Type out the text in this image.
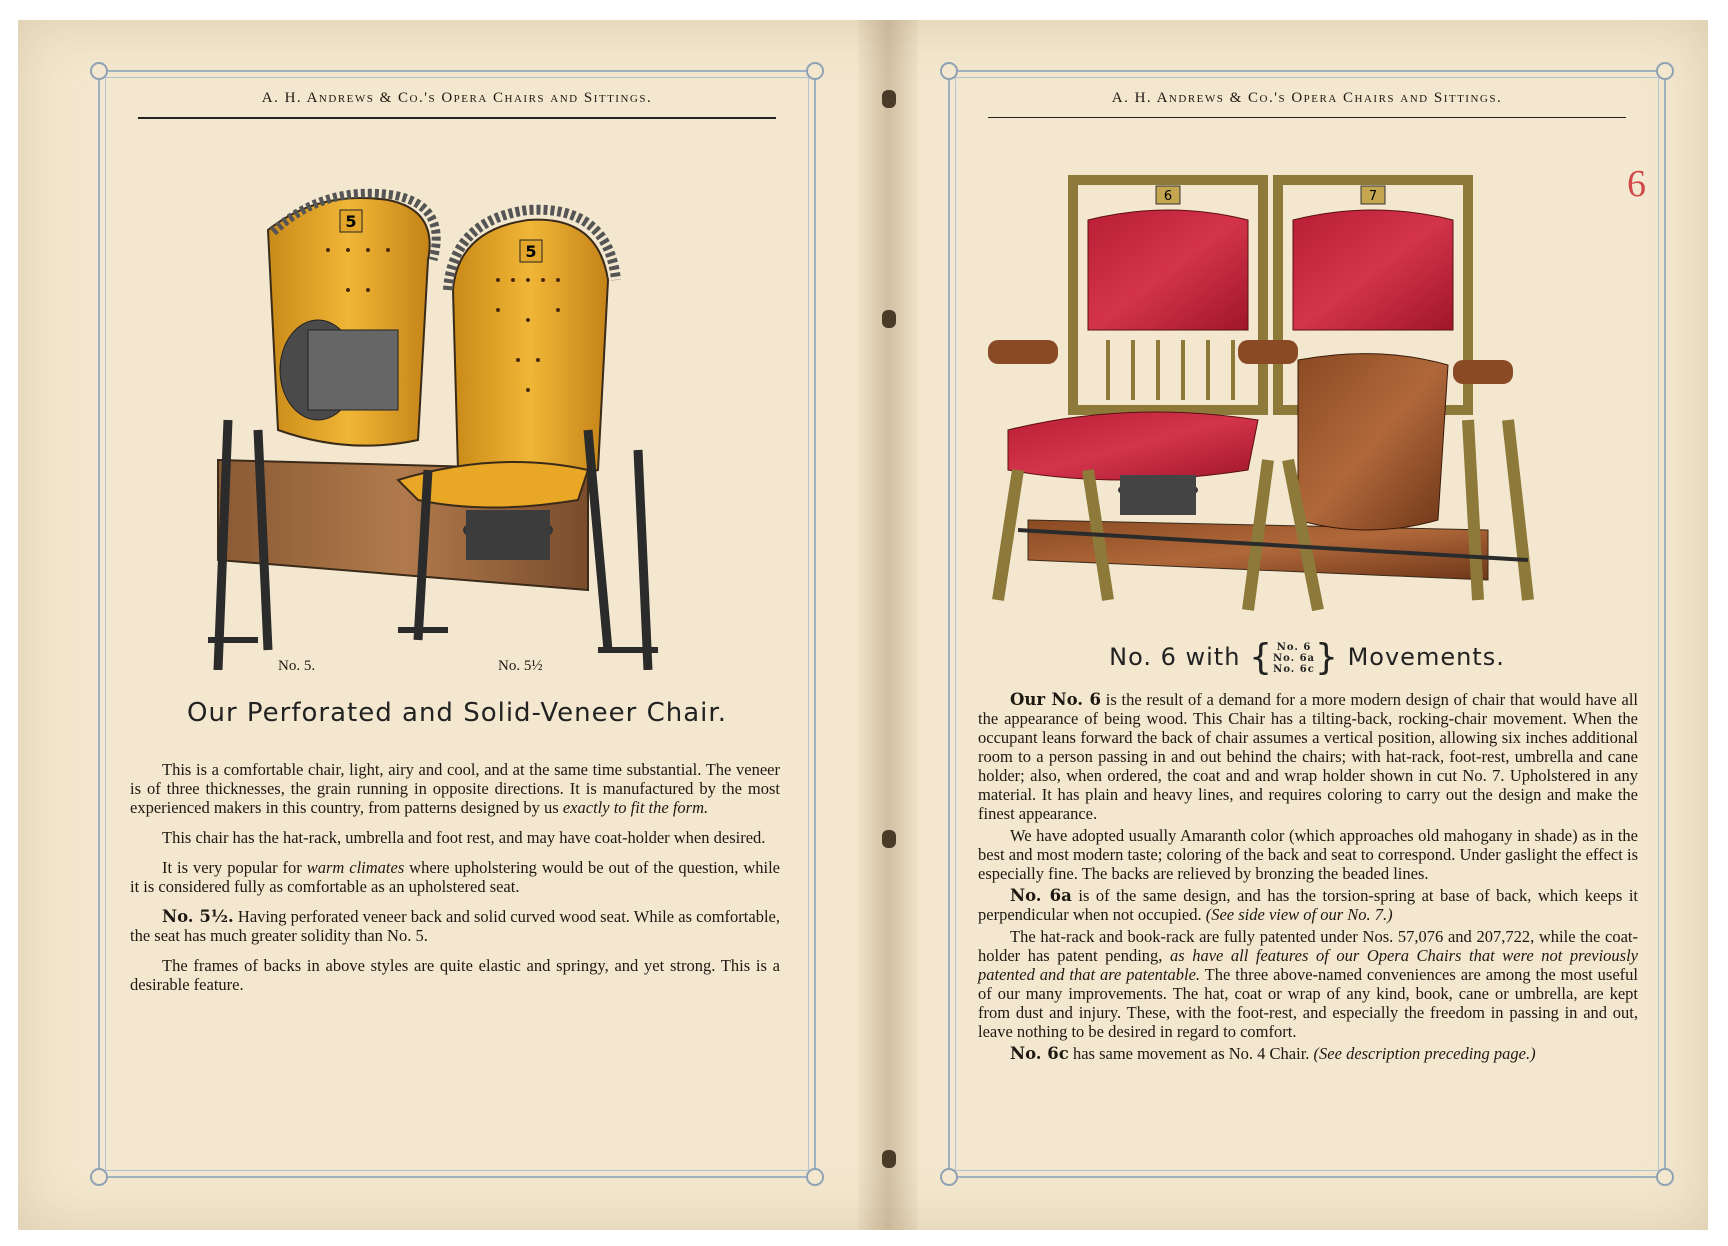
A. H. Andrews & Co.'s Opera Chairs and Sittings.
5
5
No. 5.	No. 5½
Our Perforated and Solid-Veneer Chair.

This is a comfortable chair, light, airy and cool, and at the same time substantial. The veneer is of three thicknesses, the grain running in opposite directions. It is manufactured by the most experienced makers in this country, from patterns designed by us exactly to fit the form.

This chair has the hat-rack, umbrella and foot rest, and may have coat-holder when desired.

It is very popular for warm climates where upholstering would be out of the question, while it is considered fully as comfortable as an upholstered seat.

No. 5½. Having perforated veneer back and solid curved wood seat. While as comfortable, the seat has much greater solidity than No. 5.

The frames of backs in above styles are quite elastic and springy, and yet strong. This is a desirable feature.

A. H. Andrews & Co.'s Opera Chairs and Sittings.
6
6	7
No. 6 with { No. 6
No. 6a
No. 6c} Movements.

Our No. 6 is the result of a demand for a more modern design of chair that would have all the appearance of being wood. This Chair has a tilting-back, rocking-chair movement. When the occupant leans forward the back of chair assumes a vertical position, allowing six inches additional room to a person passing in and out behind the chairs; with hat-rack, foot-rest, umbrella and cane holder; also, when ordered, the coat and and wrap holder shown in cut No. 7. Upholstered in any material. It has plain and heavy lines, and requires coloring to carry out the design and make the finest appearance.

We have adopted usually Amaranth color (which approaches old mahogany in shade) as in the best and most modern taste; coloring of the back and seat to correspond. Under gaslight the effect is especially fine. The backs are relieved by bronzing the beaded lines.

No. 6a is of the same design, and has the torsion-spring at base of back, which keeps it perpendicular when not occupied. (See side view of our No. 7.)

The hat-rack and book-rack are fully patented under Nos. 57,076 and 207,722, while the coat-holder has patent pending, as have all features of our Opera Chairs that were not previously patented and that are patentable. The three above-named conveniences are among the most useful of our many improvements. The hat, coat or wrap of any kind, book, cane or umbrella, are kept from dust and injury. These, with the foot-rest, and especially the freedom in passing in and out, leave nothing to be desired in regard to comfort.

No. 6c has same movement as No. 4 Chair. (See description preceding page.)
